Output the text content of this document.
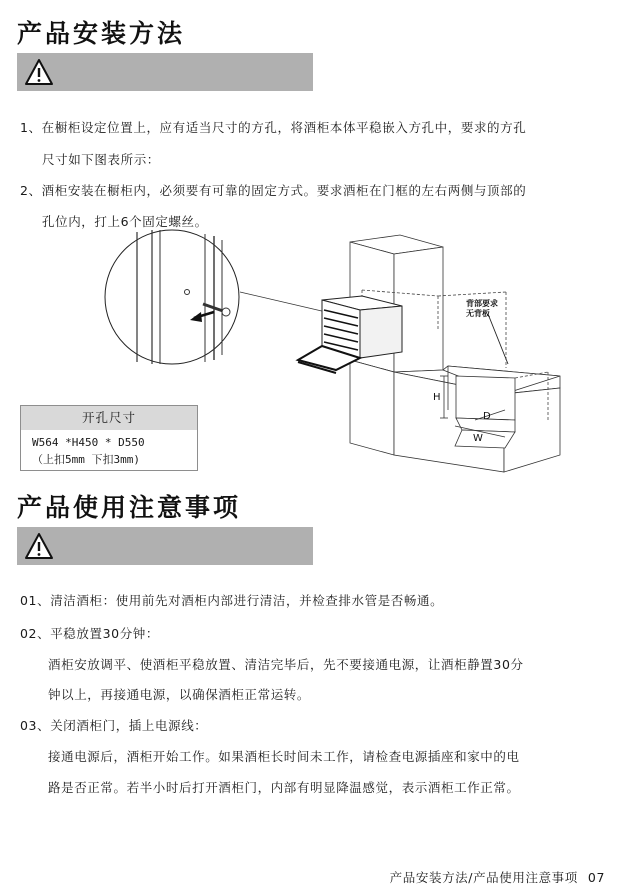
产品安装方法
1、在橱柜设定位置上，应有适当尺寸的方孔，将酒柜本体平稳嵌入方孔中，要求的方孔
尺寸如下图表所示：
2、酒柜安装在橱柜内，必须要有可靠的固定方式。要求酒柜在门框的左右两侧与顶部的
孔位内，打上6个固定螺丝。
背部要求
无背板
H
D
W
开孔尺寸
W564 *H450 * D550
（上扣5mm 下扣3mm)
产品使用注意事项
01、清洁酒柜：使用前先对酒柜内部进行清洁，并检查排水管是否畅通。
02、平稳放置30分钟：
酒柜安放调平、使酒柜平稳放置、清洁完毕后，先不要接通电源，让酒柜静置30分
钟以上，再接通电源，以确保酒柜正常运转。
03、关闭酒柜门，插上电源线：
接通电源后，酒柜开始工作。如果酒柜长时间未工作，请检查电源插座和家中的电
路是否正常。若半小时后打开酒柜门，内部有明显降温感觉，表示酒柜工作正常。
产品安装方法/产品使用注意事项 07
